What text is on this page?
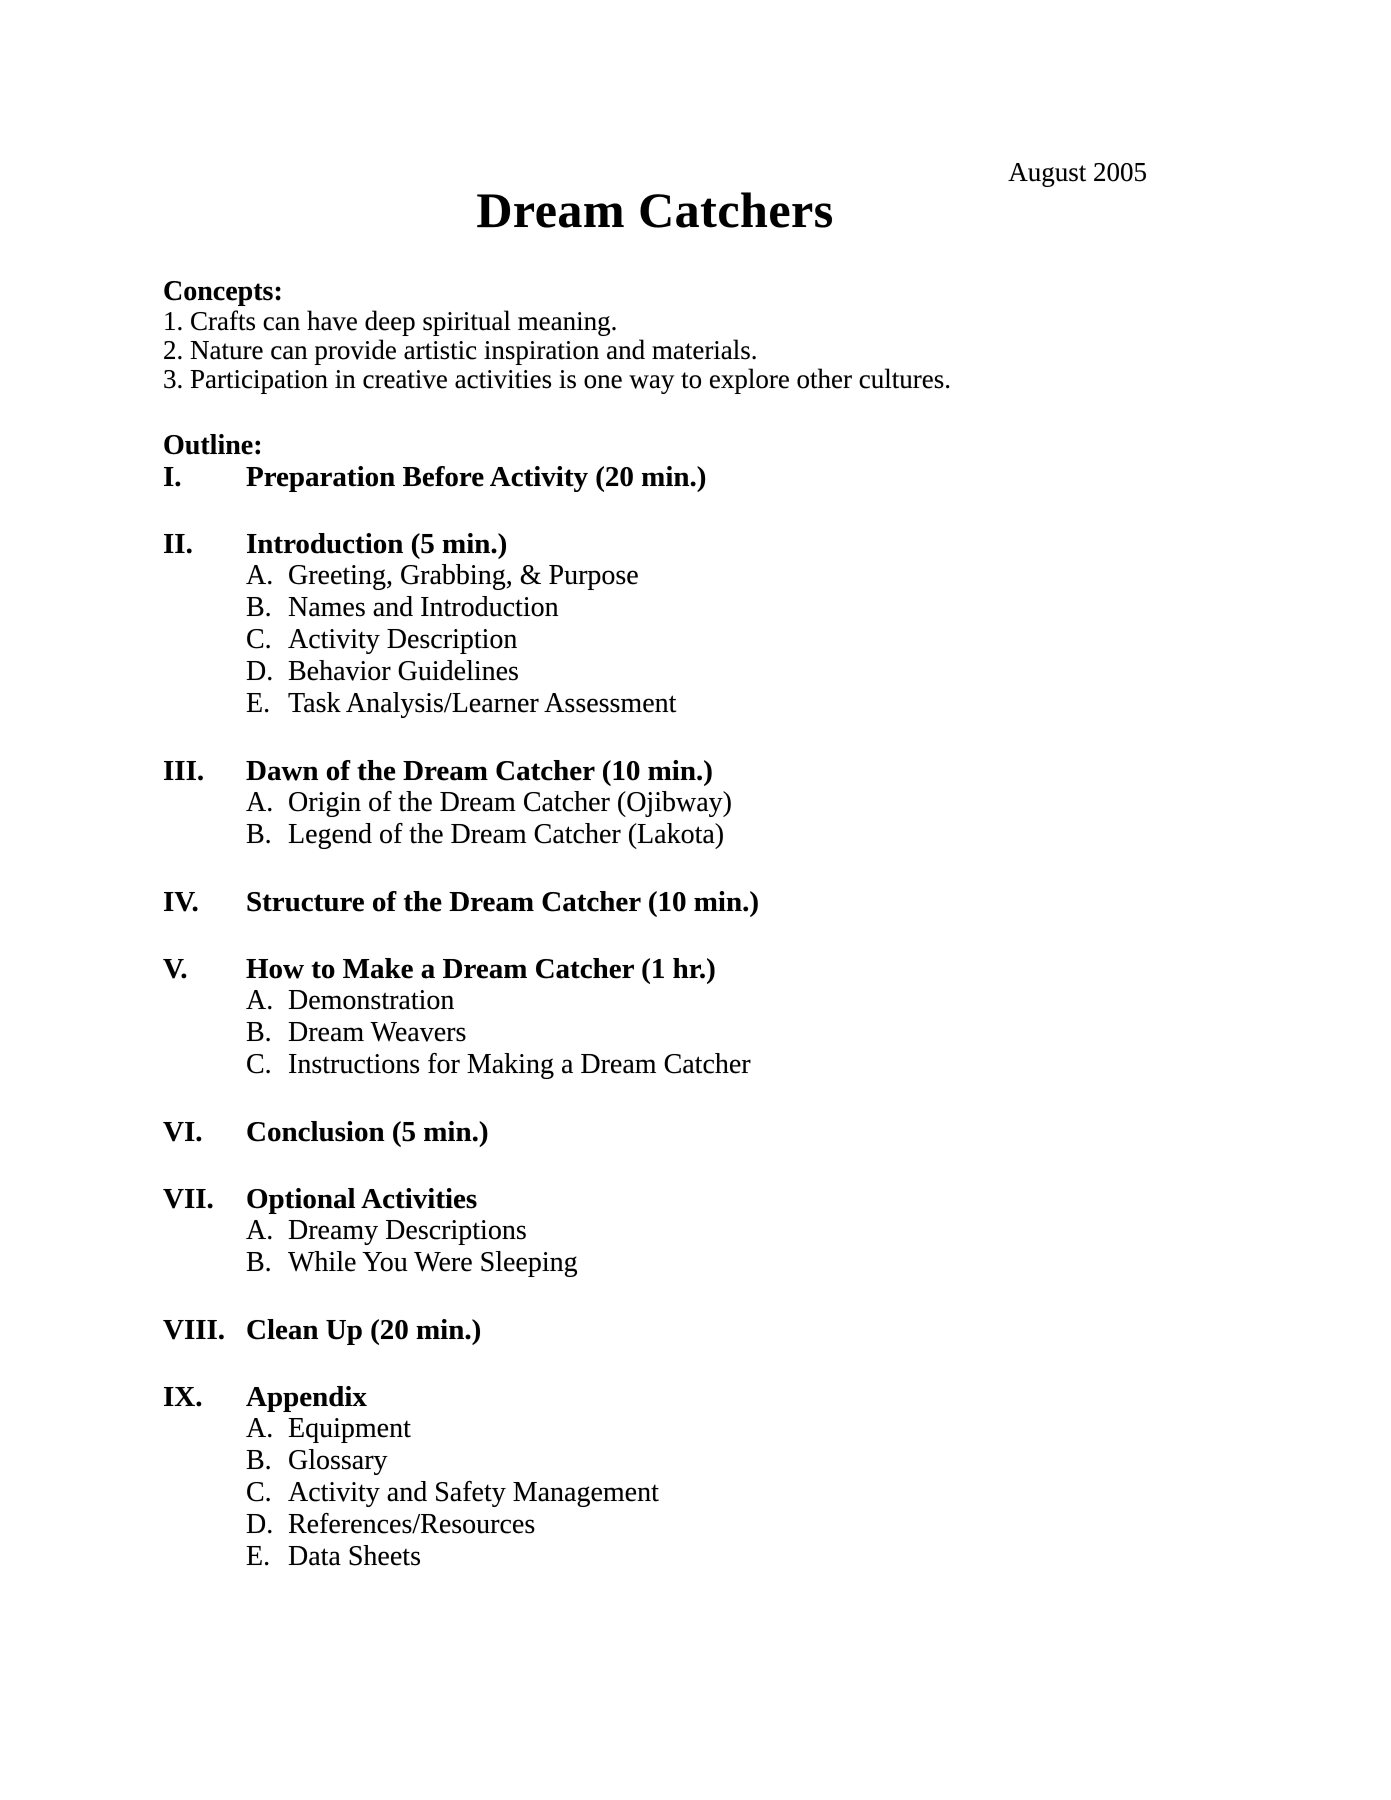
August 2005
Dream Catchers
Concepts:
1. Crafts can have deep spiritual meaning.
2. Nature can provide artistic inspiration and materials.
3. Participation in creative activities is one way to explore other cultures.
Outline:
I.	Preparation Before Activity (20 min.)
II.	Introduction (5 min.)
A. Greeting, Grabbing, & Purpose
B. Names and Introduction
C. Activity Description
D. Behavior Guidelines
E. Task Analysis/Learner Assessment
III.	Dawn of the Dream Catcher (10 min.)
A. Origin of the Dream Catcher (Ojibway)
B. Legend of the Dream Catcher (Lakota)
IV.	Structure of the Dream Catcher (10 min.)
V.	How to Make a Dream Catcher (1 hr.)
A. Demonstration
B. Dream Weavers
C. Instructions for Making a Dream Catcher
VI.	Conclusion (5 min.)
VII.	Optional Activities
A. Dreamy Descriptions
B. While You Were Sleeping
VIII. Clean Up (20 min.)
IX.	Appendix
A. Equipment
B. Glossary
C. Activity and Safety Management
D. References/Resources
E. Data Sheets
